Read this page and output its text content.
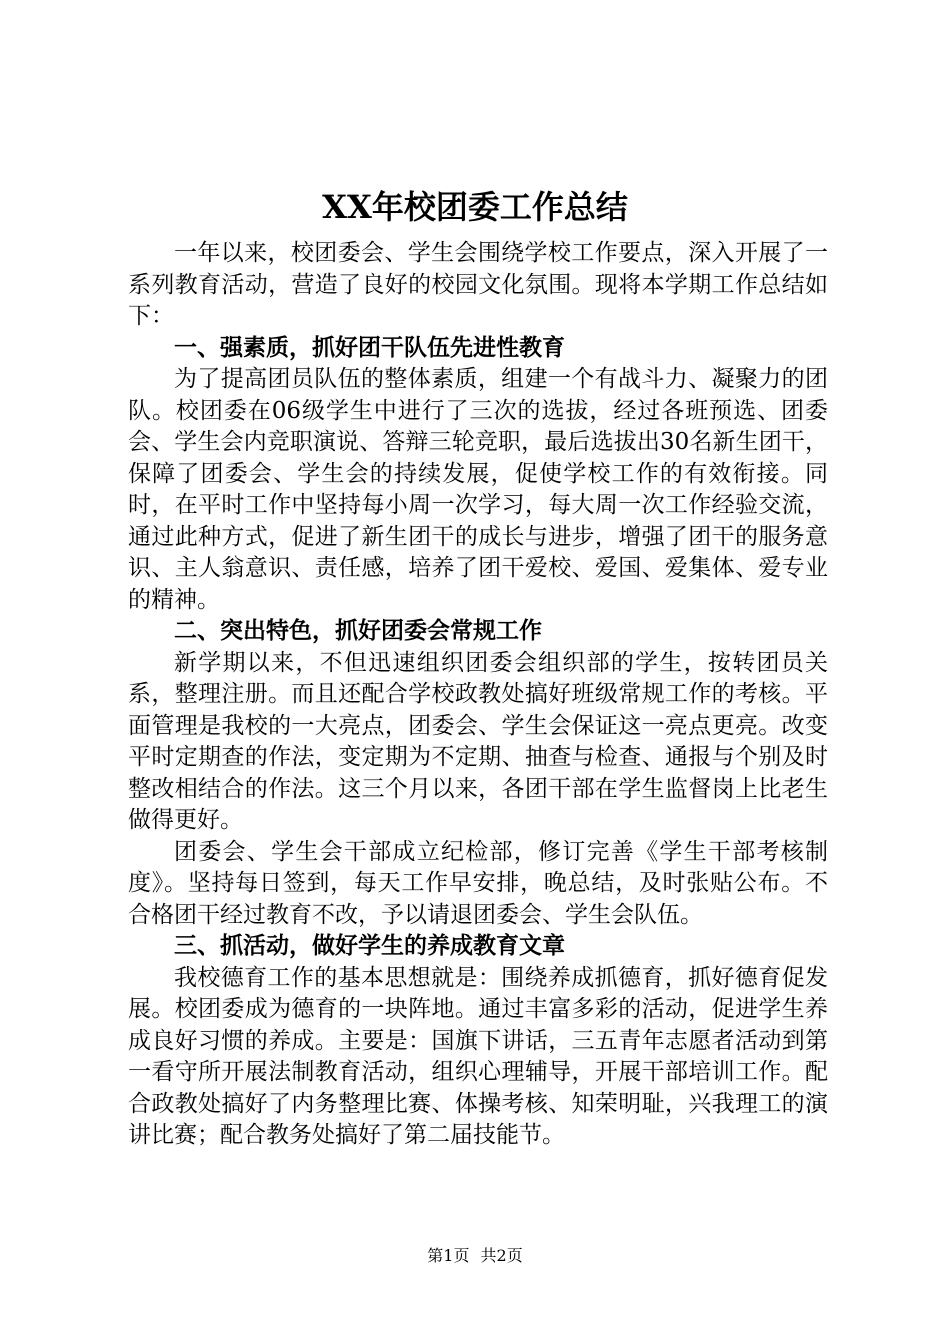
XX年校团委工作总结

一年以来，校团委会、学生会围绕学校工作要点，深入开展了一系列教育活动，营造了良好的校园文化氛围。现将本学期工作总结如下：

一、强素质，抓好团干队伍先进性教育

为了提高团员队伍的整体素质，组建一个有战斗力、凝聚力的团队。校团委在06级学生中进行了三次的选拔，经过各班预选、团委会、学生会内竞职演说、答辩三轮竞职，最后选拔出30名新生团干，保障了团委会、学生会的持续发展，促使学校工作的有效衔接。同时，在平时工作中坚持每小周一次学习，每大周一次工作经验交流，通过此种方式，促进了新生团干的成长与进步，增强了团干的服务意识、主人翁意识、责任感，培养了团干爱校、爱国、爱集体、爱专业的精神。

二、突出特色，抓好团委会常规工作

新学期以来，不但迅速组织团委会组织部的学生，按转团员关系，整理注册。而且还配合学校政教处搞好班级常规工作的考核。平面管理是我校的一大亮点，团委会、学生会保证这一亮点更亮。改变平时定期查的作法，变定期为不定期、抽查与检查、通报与个别及时整改相结合的作法。这三个月以来，各团干部在学生监督岗上比老生做得更好。

团委会、学生会干部成立纪检部，修订完善《学生干部考核制度》。坚持每日签到，每天工作早安排，晚总结，及时张贴公布。不合格团干经过教育不改，予以请退团委会、学生会队伍。

三、抓活动，做好学生的养成教育文章

我校德育工作的基本思想就是：围绕养成抓德育，抓好德育促发展。校团委成为德育的一块阵地。通过丰富多彩的活动，促进学生养成良好习惯的养成。主要是：国旗下讲话，三五青年志愿者活动到第一看守所开展法制教育活动，组织心理辅导，开展干部培训工作。配合政教处搞好了内务整理比赛、体操考核、知荣明耻，兴我理工的演讲比赛；配合教务处搞好了第二届技能节。

第1页 共2页
